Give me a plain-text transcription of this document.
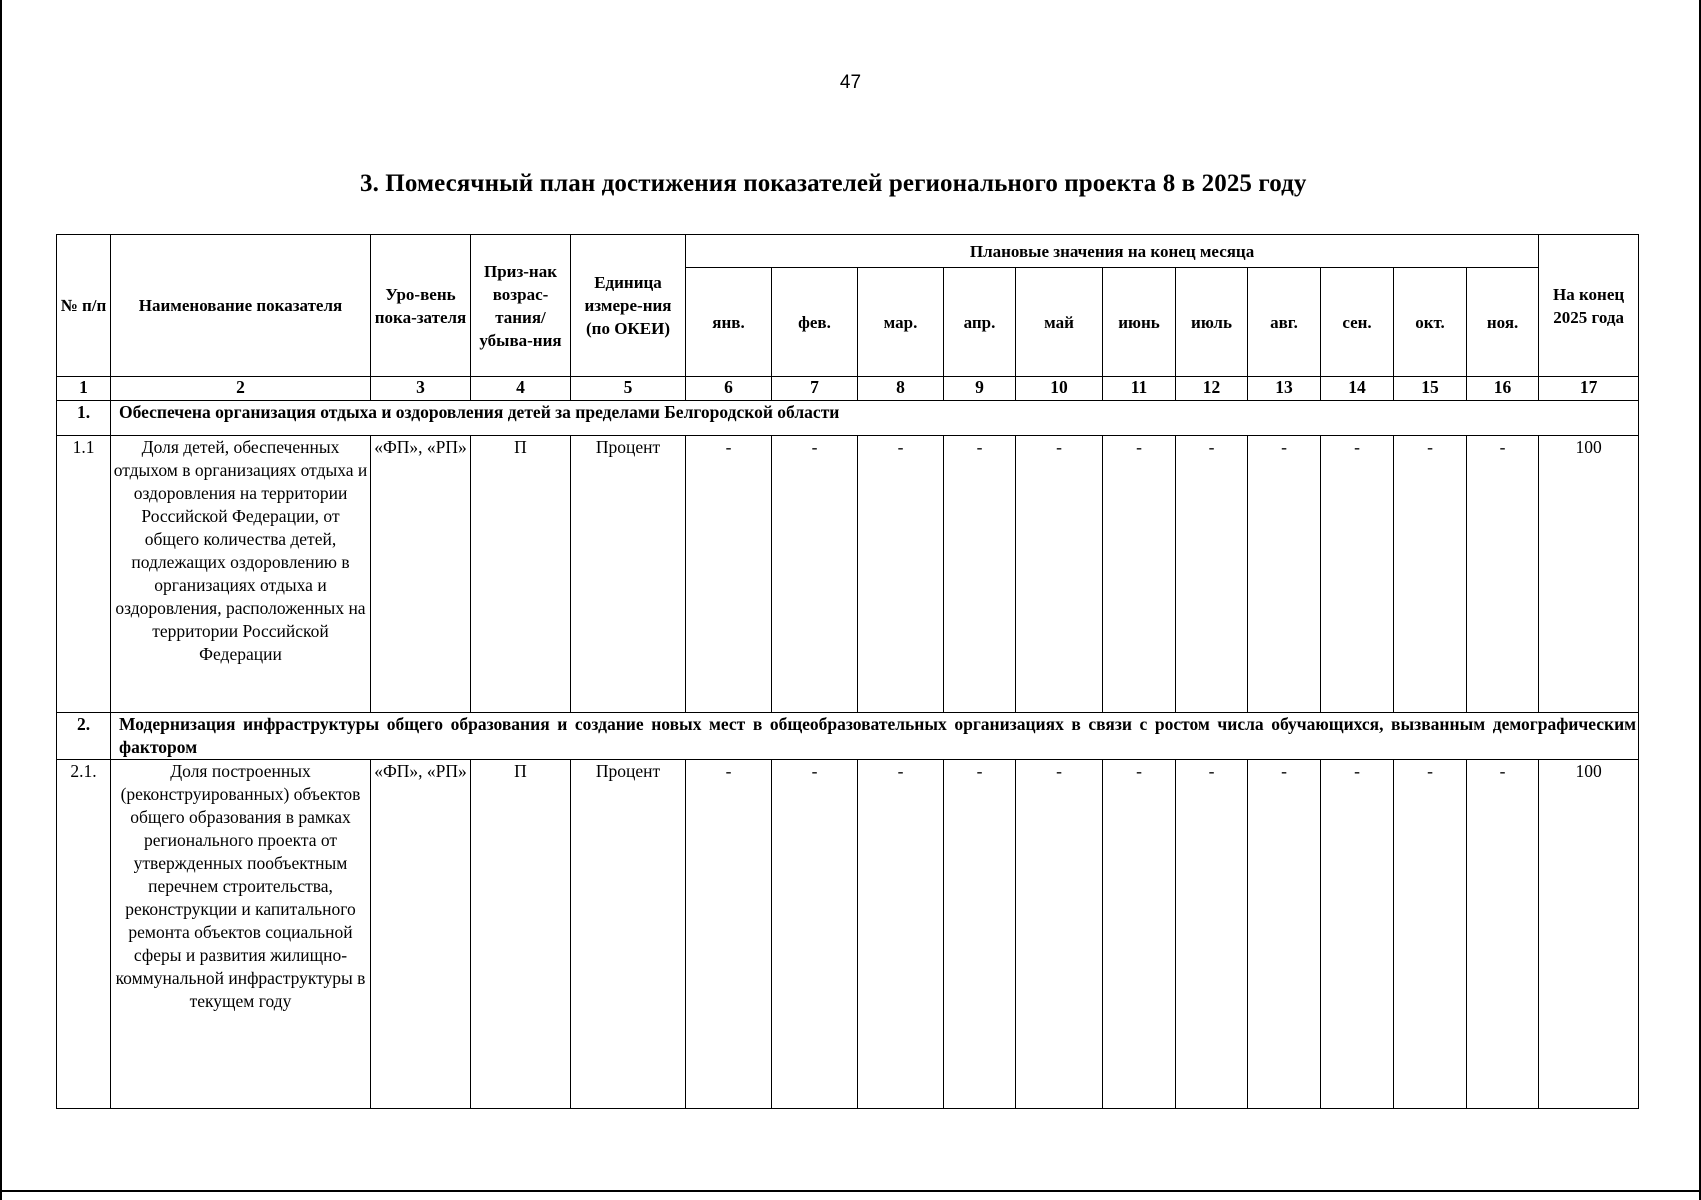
47
3. Помесячный план достижения показателей регионального проекта 8 в 2025 году
№ п/п	Наименование показателя	Уро-вень пока-зателя	Приз-нак возрас-тания/ убыва-ния	Единица измере-ния (по ОКЕИ)	Плановые значения на конец месяца											На конец 2025 года
					янв.	фев.	мар.	апр.	май	июнь	июль	авг.	сен.	окт.	ноя.	
1	2	3	4	5	6	7	8	9	10	11	12	13	14	15	16	17
1.	Обеспечена организация отдыха и оздоровления детей за пределами Белгородской области															
1.1	Доля детей, обеспеченных отдыхом в организациях отдыха и оздоровления на территории Российской Федерации, от общего количества детей, подлежащих оздоровлению в организациях отдыха и оздоровления, расположенных на территории Российской Федерации	«ФП», «РП»	П	Процент	-	-	-	-	-	-	-	-	-	-	-	100
2.	Модернизация инфраструктуры общего образования и создание новых мест в общеобразовательных организациях в связи с ростом числа обучающихся, вызванным демографическим фактором															
2.1.	Доля построенных (реконструированных) объектов общего образования в рамках регионального проекта от утвержденных пообъектным перечнем строительства, реконструкции и капитального ремонта объектов социальной сферы и развития жилищно-коммунальной инфраструктуры в текущем году	«ФП», «РП»	П	Процент	-	-	-	-	-	-	-	-	-	-	-	100
